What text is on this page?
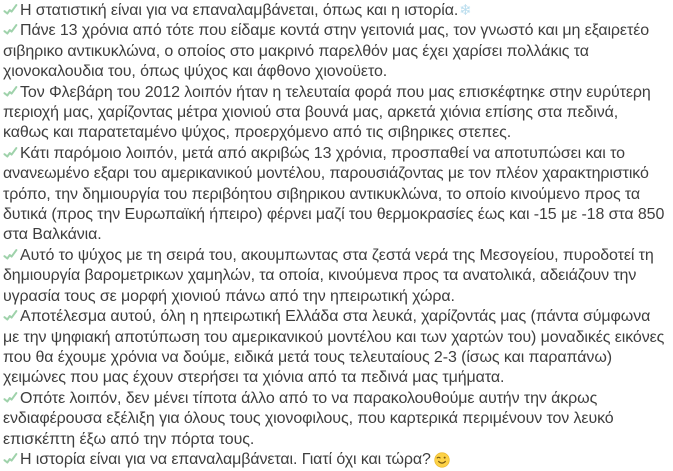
Η στατιστική είναι για να επαναλαμβάνεται, όπως και η ιστορία.❄

Πάνε 13 χρόνια από τότε που είδαμε κοντά στην γειτονιά μας, τον γνωστό και μη εξαιρετέο σιβηρικο αντικυκλώνα, ο οποίος στο μακρινό παρελθόν μας έχει χαρίσει πολλάκις τα χιονοκαλουδια του, όπως ψύχος και άφθονο χιονοϋετο.

Τον Φλεβάρη του 2012 λοιπόν ήταν η τελευταία φορά που μας επισκέφτηκε στην ευρύτερη περιοχή μας, χαρίζοντας μέτρα χιονιού στα βουνά μας, αρκετά χιόνια επίσης στα πεδινά, καθως και παρατεταμένο ψύχος, προερχόμενο από τις σιβηρικες στεπες.

Κάτι παρόμοιο λοιπόν, μετά από ακριβώς 13 χρόνια, προσπαθεί να αποτυπώσει και το ανανεωμένο εξαρι του αμερικανικού μοντέλου, παρουσιάζοντας με τον πλέον χαρακτηριστικό τρόπο, την δημιουργία του περιβόητου σιβηρικου αντικυκλώνα, το οποίο κινούμενο προς τα δυτικά (προς την Ευρωπαϊκή ήπειρο) φέρνει μαζί του θερμοκρασίες έως και -15 με -18 στα 850 στα Βαλκάνια.

Αυτό το ψύχος με τη σειρά του, ακουμπωντας στα ζεστά νερά της Μεσογείου, πυροδοτεί τη δημιουργία βαρομετρικων χαμηλών, τα οποία, κινούμενα προς τα ανατολικά, αδειάζουν την υγρασία τους σε μορφή χιονιού πάνω από την ηπειρωτική χώρα.

Αποτέλεσμα αυτού, όλη η ηπειρωτική Ελλάδα στα λευκά, χαρίζοντάς μας (πάντα σύμφωνα με την ψηφιακή αποτύπωση του αμερικανικού μοντέλου και των χαρτών του) μοναδικές εικόνες που θα έχουμε χρόνια να δούμε, ειδικά μετά τους τελευταίους 2-3 (ίσως και παραπάνω) χειμώνες που μας έχουν στερήσει τα χιόνια από τα πεδινά μας τμήματα.

Οπότε λοιπόν, δεν μένει τίποτα άλλο από το να παρακολουθούμε αυτήν την άκρως ενδιαφέρουσα εξέλιξη για όλους τους χιονοφιλους, που καρτερικά περιμένουν τον λευκό επισκέπτη έξω από την πόρτα τους.

Η ιστορία είναι για να επαναλαμβάνεται. Γιατί όχι και τώρα?
